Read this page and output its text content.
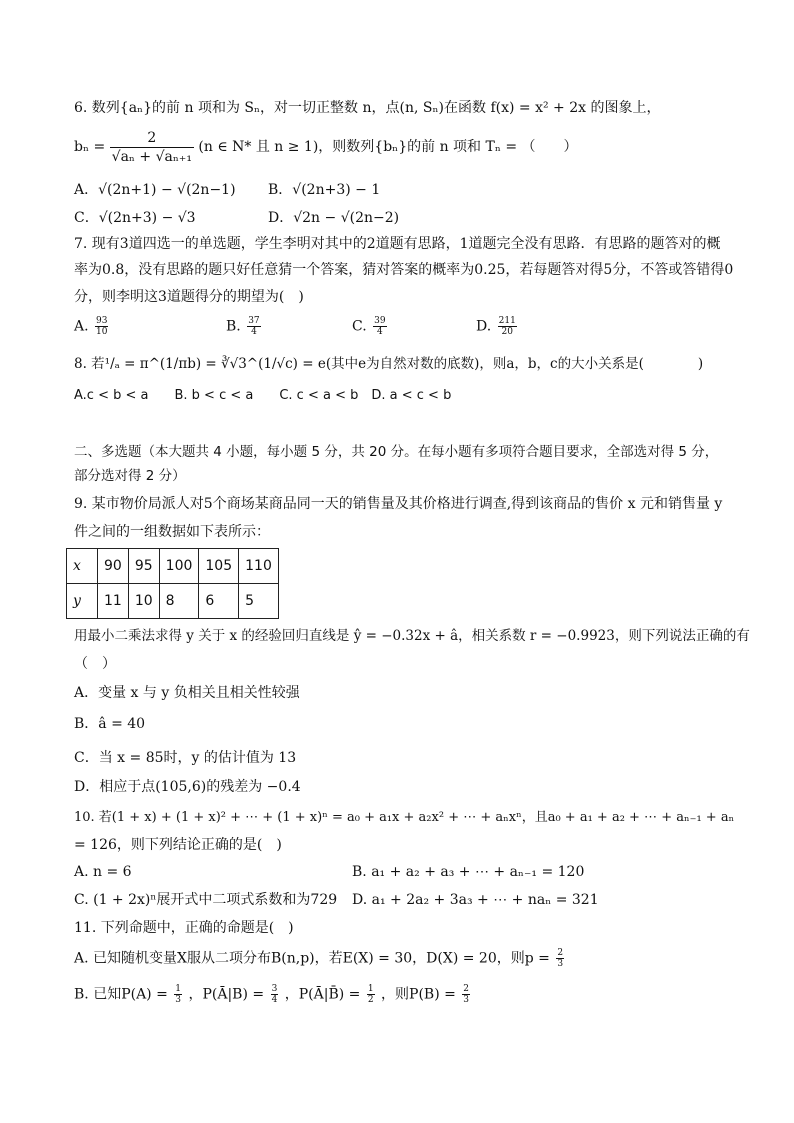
6. 数列{aₙ}的前 n 项和为 Sₙ，对一切正整数 n，点(n, Sₙ)在函数 f(x) = x² + 2x 的图象上，
$b_n = \frac{2}{\text{√aₙ + √aₙ₊₁}} (n$ ∈ N* 且 n ≥ 1)，则数列{bₙ}的前 n 项和 Tₙ = （　　）
A．√(2n+1) − √(2n−1) B．√(2n+3) − 1
C．√(2n+3) − √3	D．√2n − √(2n−2)
7. 现有3道四选一的单选题，学生李明对其中的2道题有思路，1道题完全没有思路．有思路的题答对的概
率为0.8，没有思路的题只好任意猜一个答案，猜对答案的概率为0.25，若每题答对得5分，不答或答错得0
分，则李明这3道题得分的期望为(　)
A. $\frac{93}{10}$	B. $\frac{37}{4}$	C. $\frac{39}{4}$	D. $\frac{211}{20}$
8. 若¹/ₐ = π^(1/πb) = ∛√3^(1/√c) = e(其中e为自然对数的底数)，则a，b，c的大小关系是(　　　　)
A.c < b < a　　B. b < c < a　　C. c < a < b　D. a < c < b
二、多选题（本大题共 4 小题，每小题 5 分，共 20 分。在每小题有多项符合题目要求，全部选对得 5 分，
部分选对得 2 分）
9. 某市物价局派人对5个商场某商品同一天的销售量及其价格进行调查,得到该商品的售价 x 元和销售量 y
件之间的一组数据如下表所示：
x	90	95	100	105	110
y	11	10	8	6	5
用最小二乘法求得 y 关于 x 的经验回归直线是 ŷ = −0.32x + â，相关系数 r = −0.9923，则下列说法正确的有
（　）
A．变量 x 与 y 负相关且相关性较强
B．â = 40
C．当 x = 85时，y 的估计值为 13
D．相应于点(105,6)的残差为 −0.4
10. 若(1 + x) + (1 + x)² + ⋯ + (1 + x)ⁿ = a₀ + a₁x + a₂x² + ⋯ + aₙxⁿ，且a₀ + a₁ + a₂ + ⋯ + aₙ₋₁ + aₙ
= 126，则下列结论正确的是(　)
A. n = 6	B. a₁ + a₂ + a₃ + ⋯ + aₙ₋₁ = 120
C. (1 + 2x)ⁿ展开式中二项式系数和为729 D. a₁ + 2a₂ + 3a₃ + ⋯ + naₙ = 321
11. 下列命题中，正确的命题是(　)
A. 已知随机变量X服从二项分布B(n,p)，若E(X) = 30，D(X) = 20，则$p = \frac{2}{3}$
B. 已知$P(A) = \frac{1}{3}$ ，P(Ā|B) = $\frac{3}{4}$ ，P(Ā|B̄) = $\frac{1}{2}$ ，则$P(B) = \frac{2}{3}$
